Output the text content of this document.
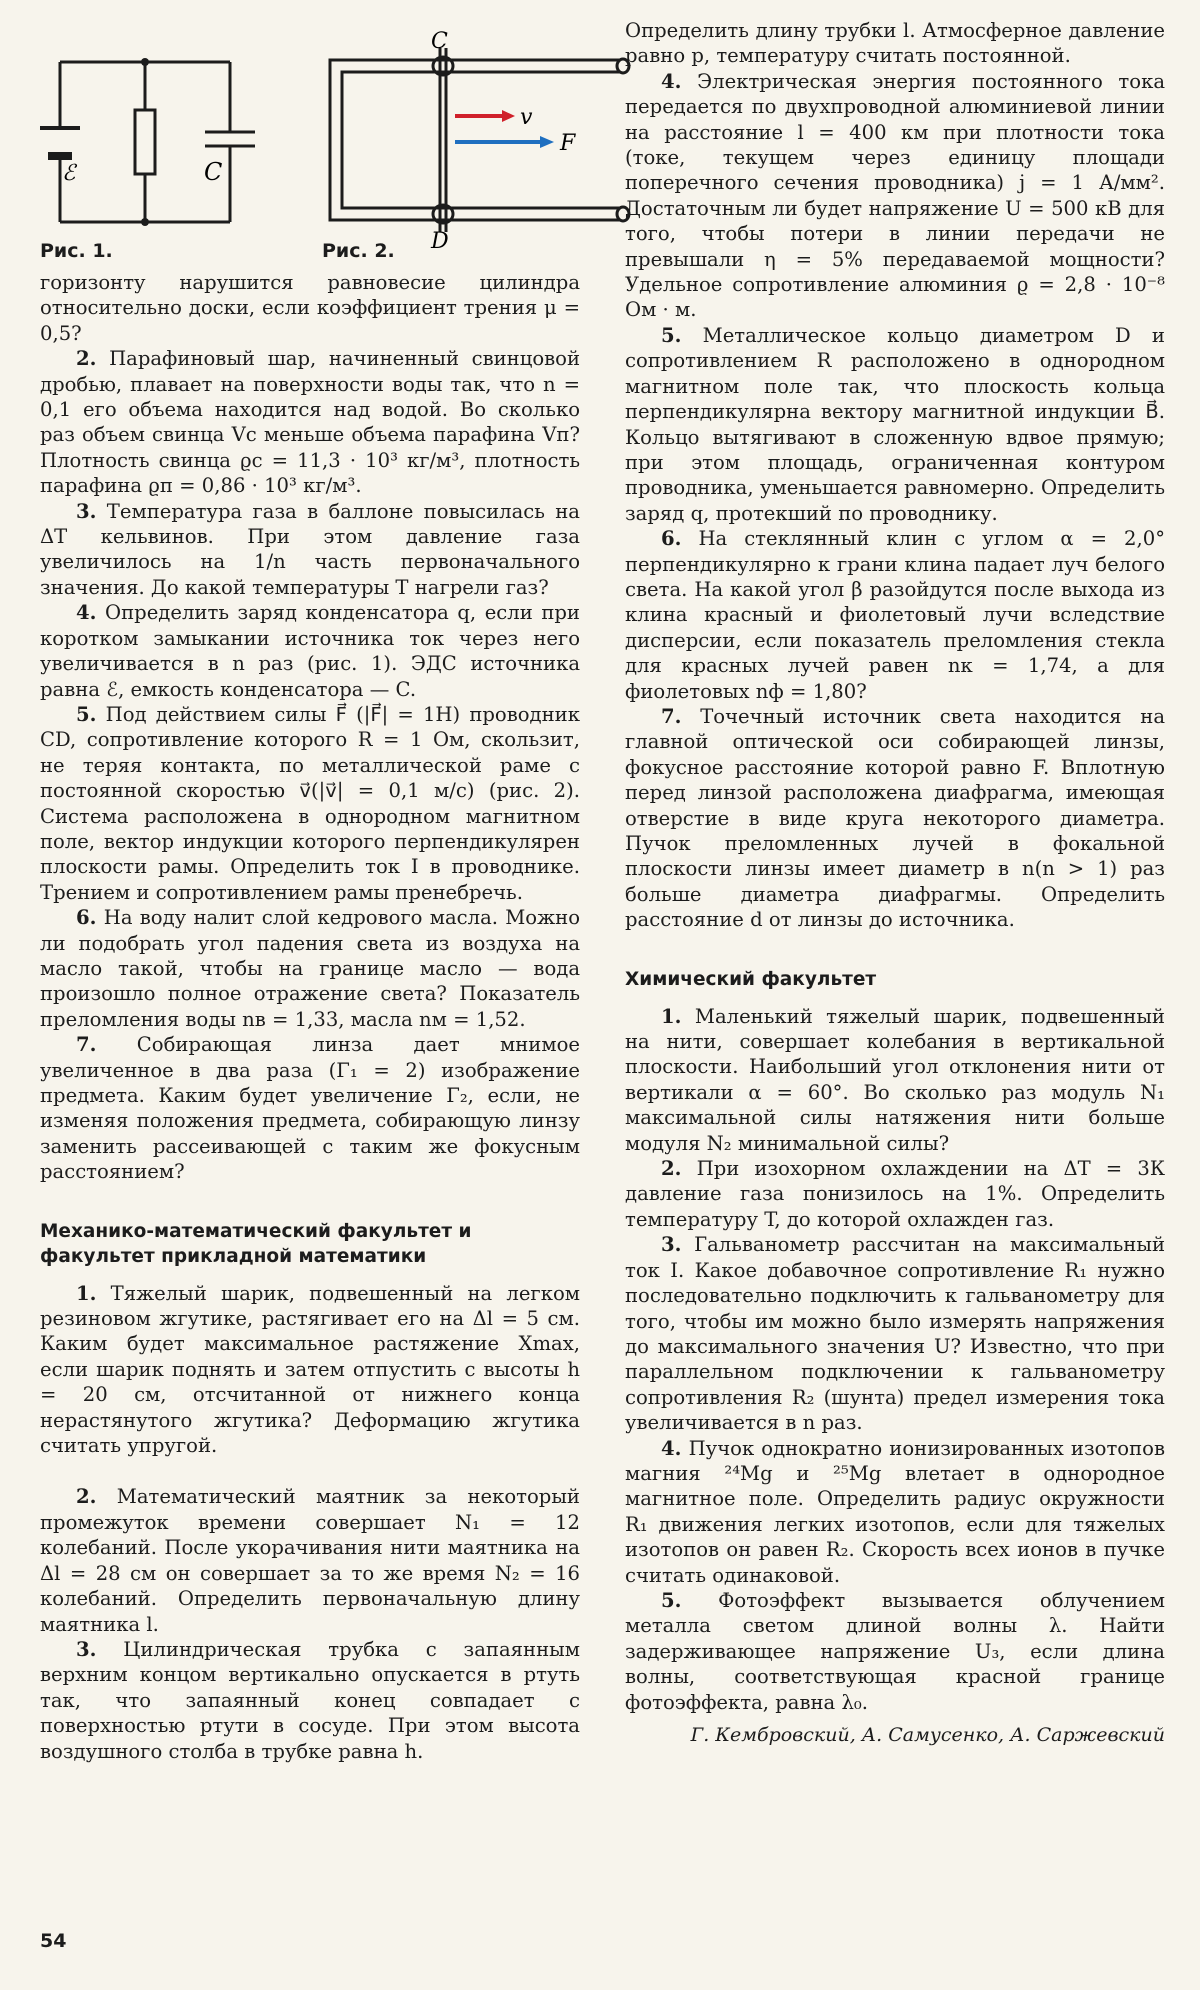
ℰ	C
C
D
v
F
Рис. 1.	Рис. 2.

горизонту нарушится равновесие цилиндра относительно доски, если коэффициент трения μ = 0,5?

2. Парафиновый шар, начиненный свинцовой дробью, плавает на поверхности воды так, что n = 0,1 его объема находится над водой. Во сколько раз объем свинца Vс меньше объема парафина Vп? Плотность свинца ϱс = 11,3 · 10³ кг/м³, плотность парафина ϱп = 0,86 · 10³ кг/м³.

3. Температура газа в баллоне повысилась на ΔT кельвинов. При этом давление газа увеличилось на 1/n часть первоначального значения. До какой температуры T нагрели газ?

4. Определить заряд конденсатора q, если при коротком замыкании источника ток через него увеличивается в n раз (рис. 1). ЭДС источника равна ℰ, емкость конденсатора — C.

5. Под действием силы F⃗ (|F⃗| = 1Н) проводник CD, сопротивление которого R = 1 Ом, скользит, не теряя контакта, по металлической раме с постоянной скоростью v⃗(|v⃗| = 0,1 м/с) (рис. 2). Система расположена в однородном магнитном поле, вектор индукции которого перпендикулярен плоскости рамы. Определить ток I в проводнике. Трением и сопротивлением рамы пренебречь.

6. На воду налит слой кедрового масла. Можно ли подобрать угол падения света из воздуха на масло такой, чтобы на границе масло — вода произошло полное отражение света? Показатель преломления воды nв = 1,33, масла nм = 1,52.

7. Собирающая линза дает мнимое увеличенное в два раза (Γ₁ = 2) изображение предмета. Каким будет увеличение Γ₂, если, не изменяя положения предмета, собирающую линзу заменить рассеивающей с таким же фокусным расстоянием?

Механико-математический факультет и факультет прикладной математики

1. Тяжелый шарик, подвешенный на легком резиновом жгутике, растягивает его на Δl = 5 см. Каким будет максимальное растяжение Xmax, если шарик поднять и затем отпустить с высоты h = 20 см, отсчитанной от нижнего конца нерастянутого жгутика? Деформацию жгутика считать упругой.

2. Математический маятник за некоторый промежуток времени совершает N₁ = 12 колебаний. После укорачивания нити маятника на Δl = 28 см он совершает за то же время N₂ = 16 колебаний. Определить первоначальную длину маятника l.

3. Цилиндрическая трубка с запаянным верхним концом вертикально опускается в ртуть так, что запаянный конец совпадает с поверхностью ртути в сосуде. При этом высота воздушного столба в трубке равна h.

Определить длину трубки l. Атмосферное давление равно p, температуру считать постоянной.

4. Электрическая энергия постоянного тока передается по двухпроводной алюминиевой линии на расстояние l = 400 км при плотности тока (токе, текущем через единицу площади поперечного сечения проводника) j = 1 А/мм². Достаточным ли будет напряжение U = 500 кВ для того, чтобы потери в линии передачи не превышали η = 5% передаваемой мощности? Удельное сопротивление алюминия ϱ = 2,8 · 10⁻⁸ Ом · м.

5. Металлическое кольцо диаметром D и сопротивлением R расположено в однородном магнитном поле так, что плоскость кольца перпендикулярна вектору магнитной индукции B⃗. Кольцо вытягивают в сложенную вдвое прямую; при этом площадь, ограниченная контуром проводника, уменьшается равномерно. Определить заряд q, протекший по проводнику.

6. На стеклянный клин с углом α = 2,0° перпендикулярно к грани клина падает луч белого света. На какой угол β разойдутся после выхода из клина красный и фиолетовый лучи вследствие дисперсии, если показатель преломления стекла для красных лучей равен nк = 1,74, а для фиолетовых nф = 1,80?

7. Точечный источник света находится на главной оптической оси собирающей линзы, фокусное расстояние которой равно F. Вплотную перед линзой расположена диафрагма, имеющая отверстие в виде круга некоторого диаметра. Пучок преломленных лучей в фокальной плоскости линзы имеет диаметр в n(n > 1) раз больше диаметра диафрагмы. Определить расстояние d от линзы до источника.

Химический факультет

1. Маленький тяжелый шарик, подвешенный на нити, совершает колебания в вертикальной плоскости. Наибольший угол отклонения нити от вертикали α = 60°. Во сколько раз модуль N₁ максимальной силы натяжения нити больше модуля N₂ минимальной силы?

2. При изохорном охлаждении на ΔT = 3К давление газа понизилось на 1%. Определить температуру T, до которой охлажден газ.

3. Гальванометр рассчитан на максимальный ток I. Какое добавочное сопротивление R₁ нужно последовательно подключить к гальванометру для того, чтобы им можно было измерять напряжения до максимального значения U? Известно, что при параллельном подключении к гальванометру сопротивления R₂ (шунта) предел измерения тока увеличивается в n раз.

4. Пучок однократно ионизированных изотопов магния ²⁴Mg и ²⁵Mg влетает в однородное магнитное поле. Определить радиус окружности R₁ движения легких изотопов, если для тяжелых изотопов он равен R₂. Скорость всех ионов в пучке считать одинаковой.

5. Фотоэффект вызывается облучением металла светом длиной волны λ. Найти задерживающее напряжение U₃, если длина волны, соответствующая красной границе фотоэффекта, равна λ₀.

Г. Кембровский, А. Самусенко, А. Саржевский

54
